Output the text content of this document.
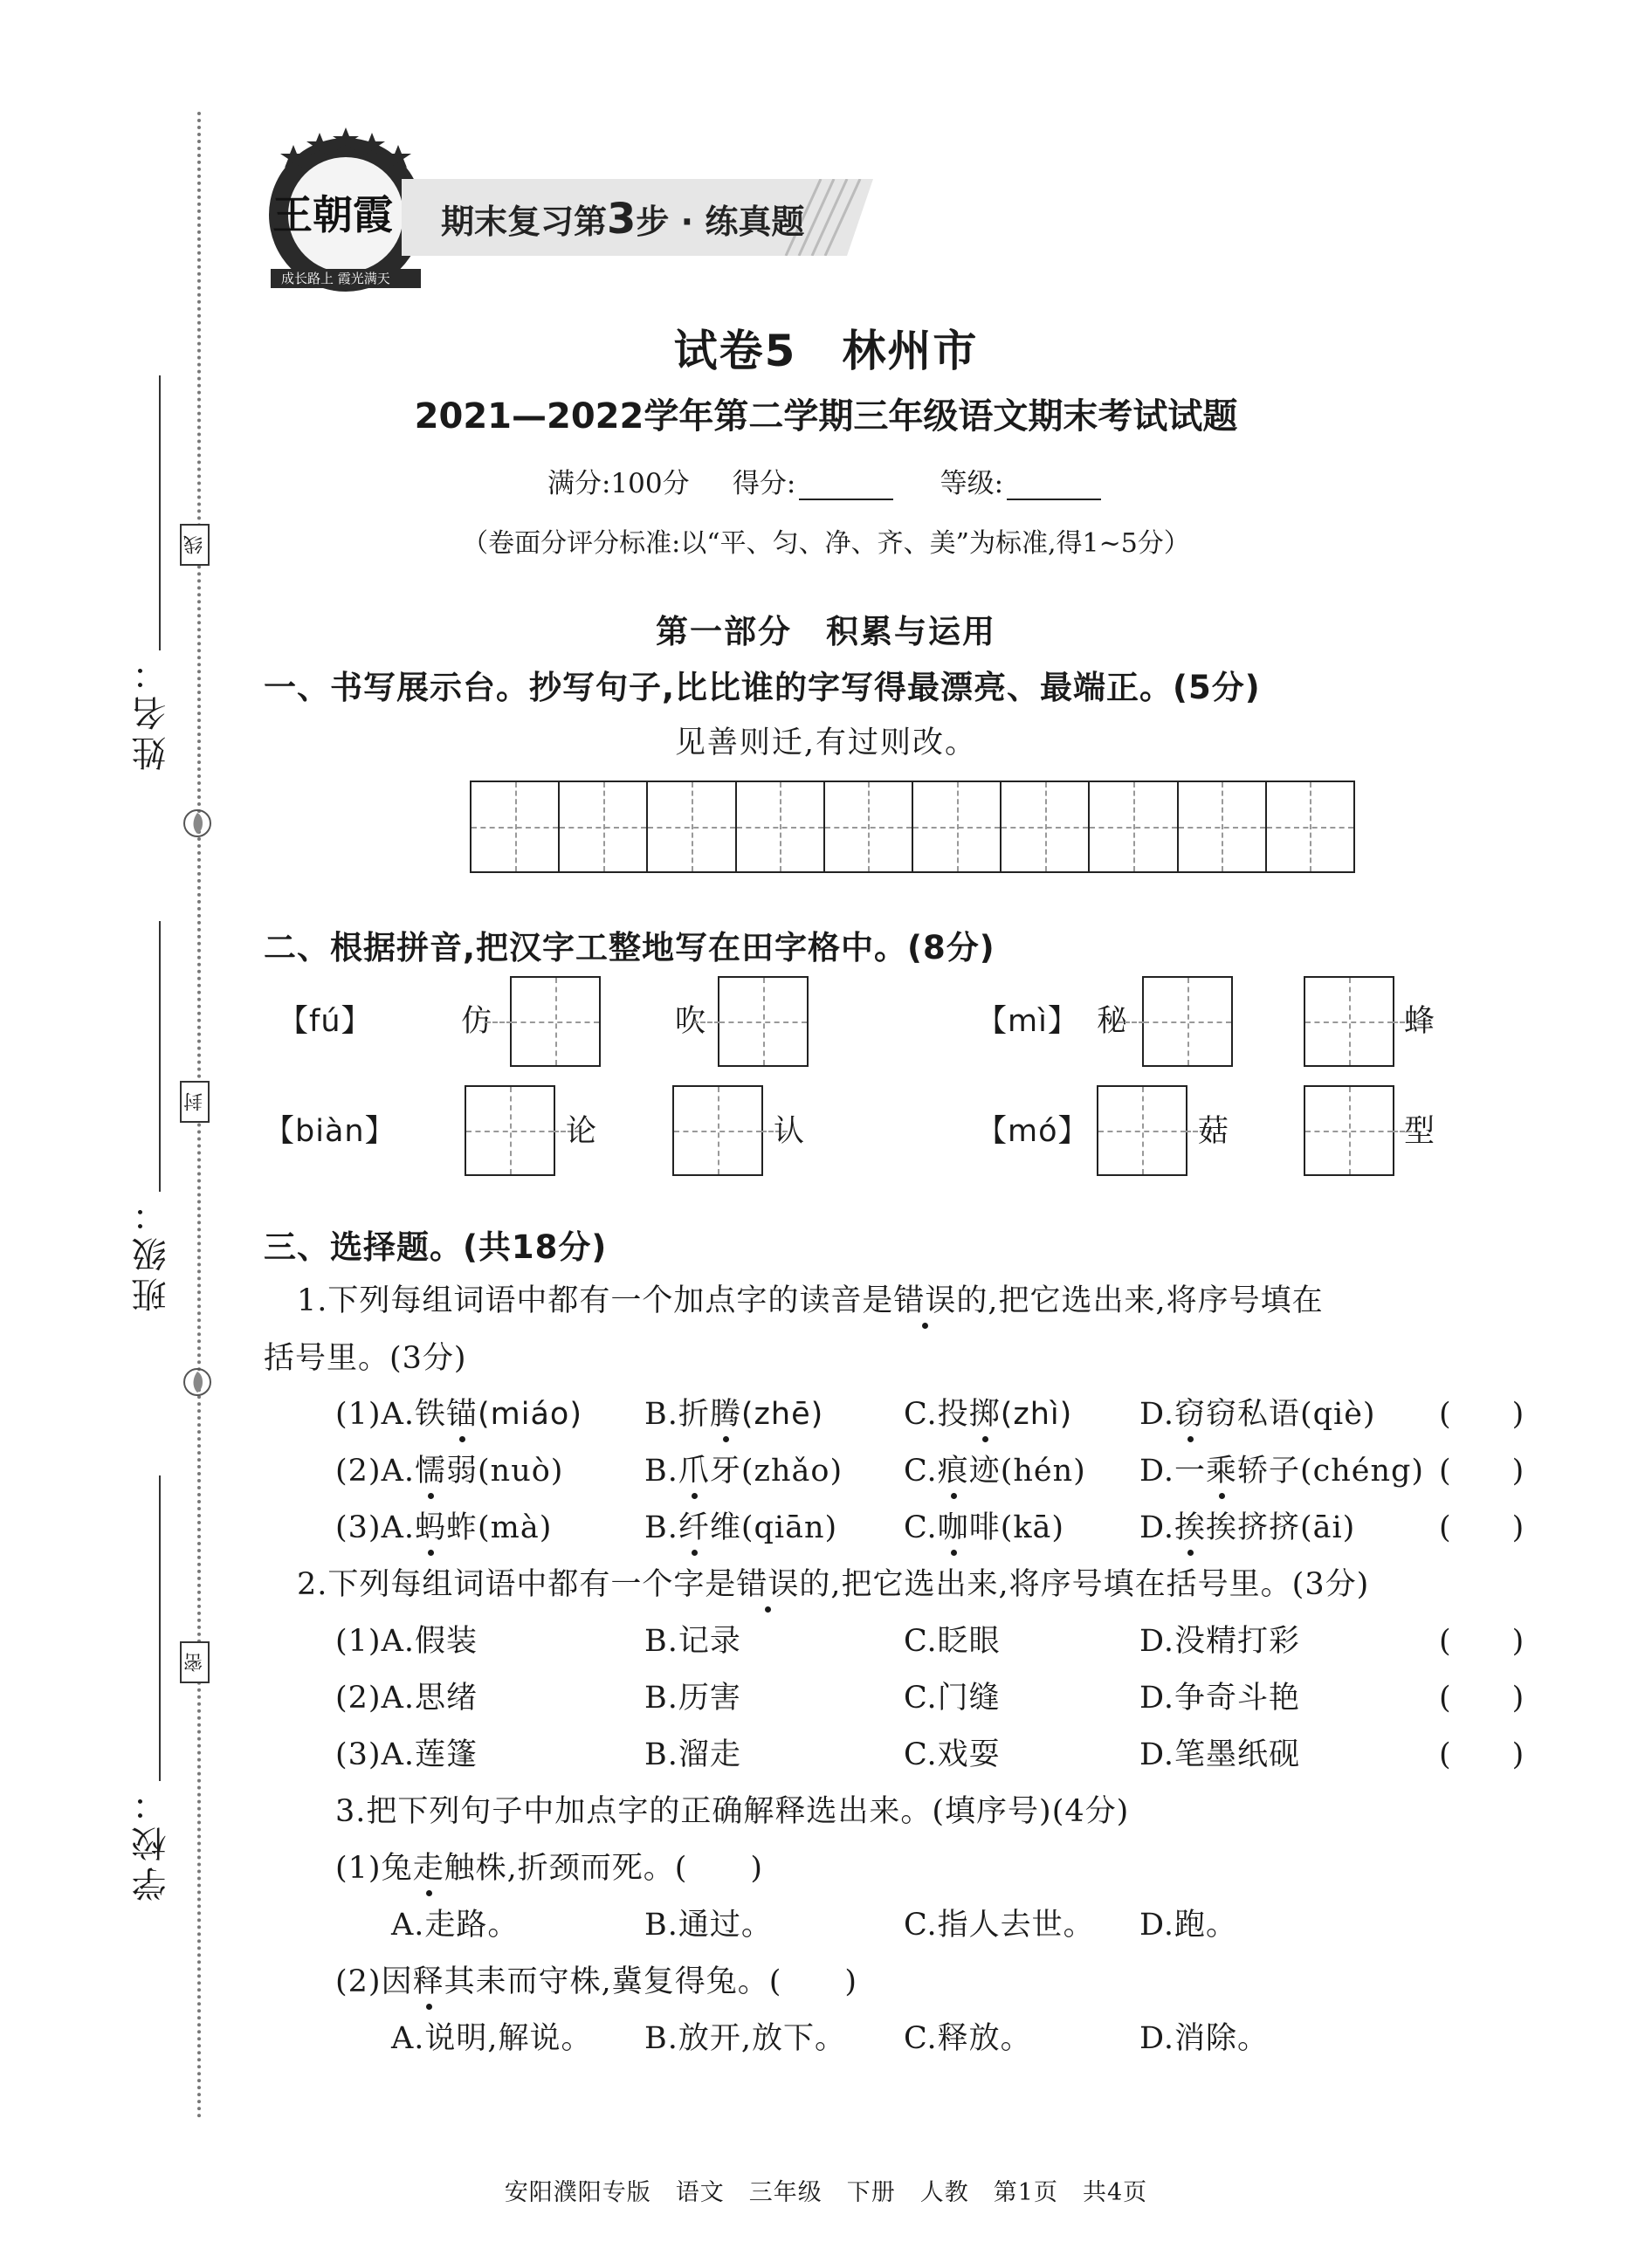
姓名：
线
班级：
封
学校：
密
王朝霞
成长路上 霞光满天
期末复习第3步 · 练真题
试卷5　林州市
2021—2022学年第二学期三年级语文期末考试试题
满分:100分 得分:	等级:
（卷面分评分标准:以“平、匀、净、齐、美”为标准,得1~5分）
第一部分　积累与运用
一、书写展示台。抄写句子,比比谁的字写得最漂亮、最端正。(5分)
见善则迁,有过则改。
二、根据拼音,把汉字工整地写在田字格中。(8分)
【fú】	仿	吹	【mì】 秘	蜂
【biàn】	论	认	【mó】	菇	型
三、选择题。(共18分)
1.下列每组词语中都有一个加点字的读音是错误的,把它选出来,将序号填在
括号里。(3分)
(1)A.铁锚(miáo) B.折腾(zhē)	C.投掷(zhì) D.窃窃私语(qiè) (　　)
(2)A.懦弱(nuò)	B.爪牙(zhǎo) C.痕迹(hén) D.一乘轿子(chéng) (　　)
(3)A.蚂蚱(mà)	B.纤维(qiān) C.咖啡(kā) D.挨挨挤挤(āi)	(　　)
2.下列每组词语中都有一个字是错误的,把它选出来,将序号填在括号里。(3分)
(1)A.假装	B.记录	C.眨眼	D.没精打彩	(　　)
(2)A.思绪	B.历害	C.门缝	D.争奇斗艳	(　　)
(3)A.莲篷	B.溜走	C.戏耍	D.笔墨纸砚	(　　)
3.把下列句子中加点字的正确解释选出来。(填序号)(4分)
(1)兔走触株,折颈而死。(　　)
A.走路。	B.通过。	C.指人去世。 D.跑。
(2)因释其耒而守株,冀复得兔。(　　)
A.说明,解说。 B.放开,放下。 C.释放。	D.消除。
安阳濮阳专版　语文　三年级　下册　人教　第1页　共4页
